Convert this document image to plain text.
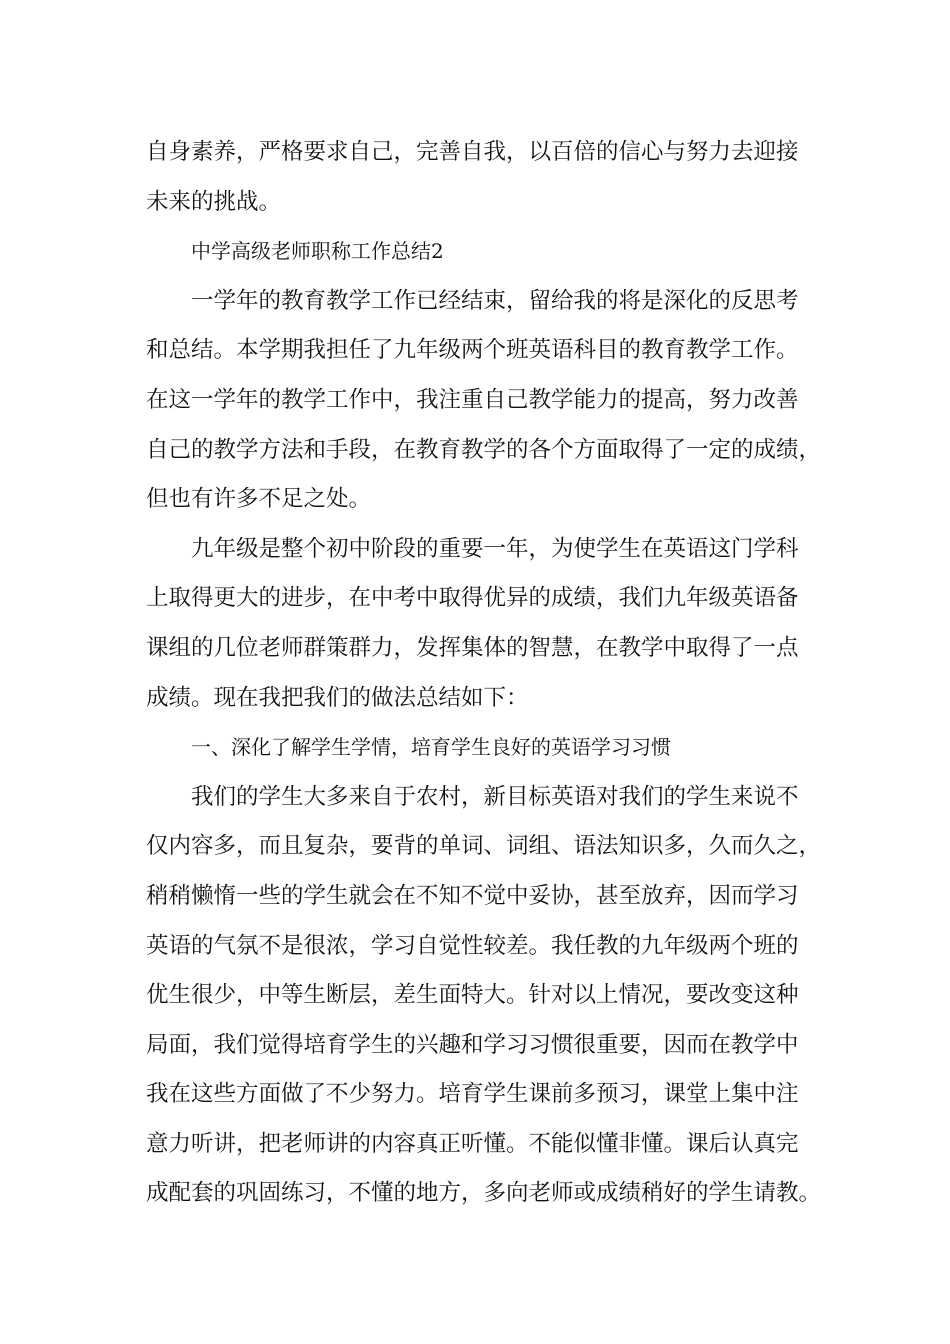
自身素养，严格要求自己，完善自我，以百倍的信心与努力去迎接
未来的挑战。
中学高级老师职称工作总结2
一学年的教育教学工作已经结束，留给我的将是深化的反思考
和总结。本学期我担任了九年级两个班英语科目的教育教学工作。
在这一学年的教学工作中，我注重自己教学能力的提高，努力改善
自己的教学方法和手段，在教育教学的各个方面取得了一定的成绩，
但也有许多不足之处。
九年级是整个初中阶段的重要一年，为使学生在英语这门学科
上取得更大的进步，在中考中取得优异的成绩，我们九年级英语备
课组的几位老师群策群力，发挥集体的智慧，在教学中取得了一点
成绩。现在我把我们的做法总结如下：
一、深化了解学生学情，培育学生良好的英语学习习惯
我们的学生大多来自于农村，新目标英语对我们的学生来说不
仅内容多，而且复杂，要背的单词、词组、语法知识多，久而久之，
稍稍懒惰一些的学生就会在不知不觉中妥协，甚至放弃，因而学习
英语的气氛不是很浓，学习自觉性较差。我任教的九年级两个班的
优生很少，中等生断层，差生面特大。针对以上情况，要改变这种
局面，我们觉得培育学生的兴趣和学习习惯很重要，因而在教学中
我在这些方面做了不少努力。培育学生课前多预习，课堂上集中注
意力听讲，把老师讲的内容真正听懂。不能似懂非懂。课后认真完
成配套的巩固练习，不懂的地方，多向老师或成绩稍好的学生请教。
